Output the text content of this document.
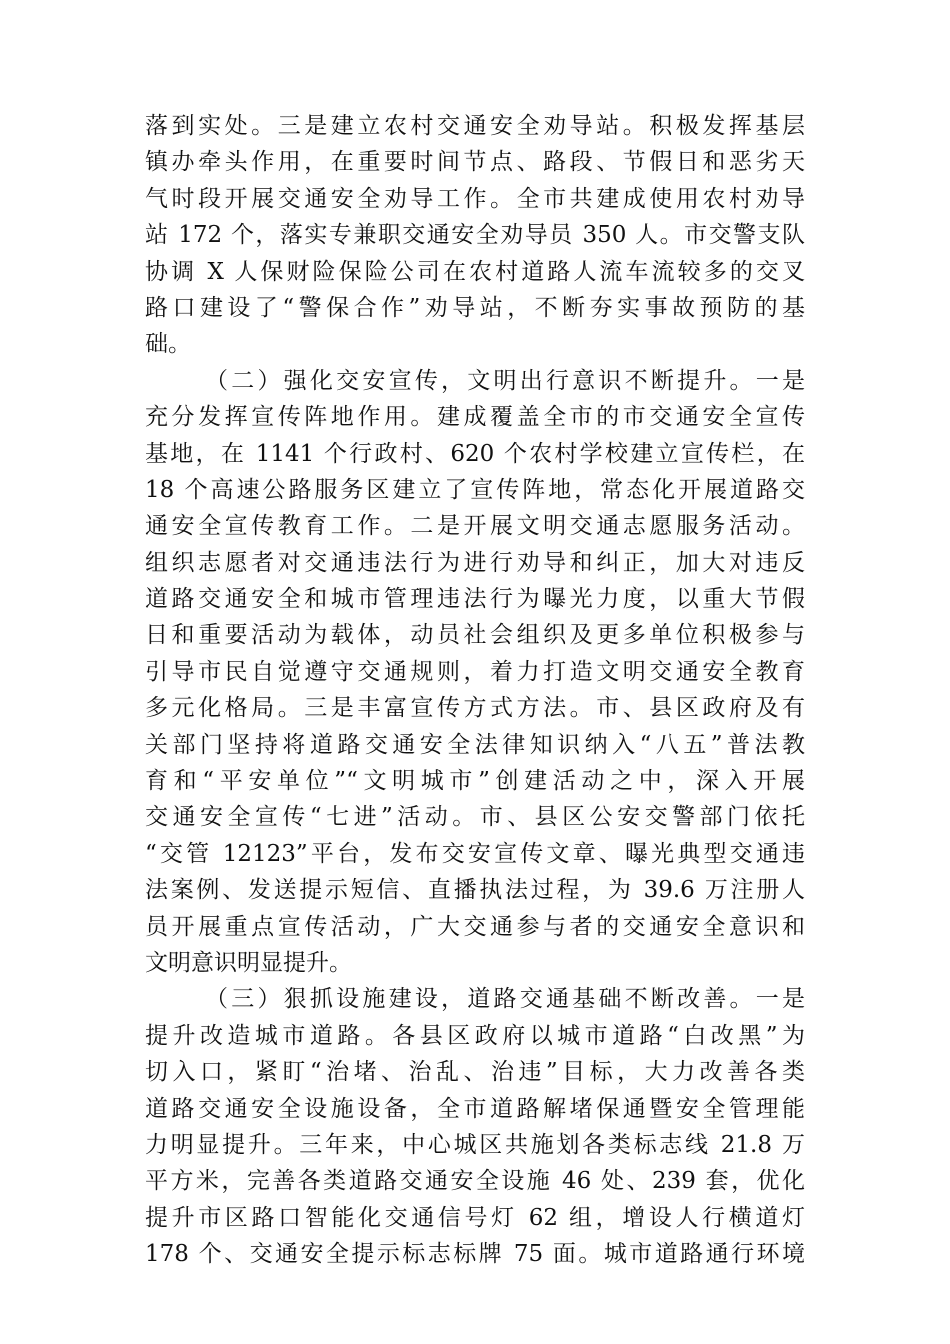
落到实处。三是建立农村交通安全劝导站。积极发挥基层
镇办牵头作用，在重要时间节点、路段、节假日和恶劣天
气时段开展交通安全劝导工作。全市共建成使用农村劝导
站 172 个，落实专兼职交通安全劝导员 350 人。市交警支队
协调 X 人保财险保险公司在农村道路人流车流较多的交叉
路口建设了“警保合作”劝导站，不断夯实事故预防的基
础。
（二）强化交安宣传，文明出行意识不断提升。一是
充分发挥宣传阵地作用。建成覆盖全市的市交通安全宣传
基地，在 1141 个行政村、620 个农村学校建立宣传栏，在
18 个高速公路服务区建立了宣传阵地，常态化开展道路交
通安全宣传教育工作。二是开展文明交通志愿服务活动。
组织志愿者对交通违法行为进行劝导和纠正，加大对违反
道路交通安全和城市管理违法行为曝光力度，以重大节假
日和重要活动为载体，动员社会组织及更多单位积极参与
引导市民自觉遵守交通规则，着力打造文明交通安全教育
多元化格局。三是丰富宣传方式方法。市、县区政府及有
关部门坚持将道路交通安全法律知识纳入“八五”普法教
育和“平安单位”“文明城市”创建活动之中，深入开展
交通安全宣传“七进”活动。市、县区公安交警部门依托
“交管 12123”平台，发布交安宣传文章、曝光典型交通违
法案例、发送提示短信、直播执法过程，为 39.6 万注册人
员开展重点宣传活动，广大交通参与者的交通安全意识和
文明意识明显提升。
（三）狠抓设施建设，道路交通基础不断改善。一是
提升改造城市道路。各县区政府以城市道路“白改黑”为
切入口，紧盯“治堵、治乱、治违”目标，大力改善各类
道路交通安全设施设备，全市道路解堵保通暨安全管理能
力明显提升。三年来，中心城区共施划各类标志线 21.8 万
平方米，完善各类道路交通安全设施 46 处、239 套，优化
提升市区路口智能化交通信号灯 62 组，增设人行横道灯
178 个、交通安全提示标志标牌 75 面。城市道路通行环境
